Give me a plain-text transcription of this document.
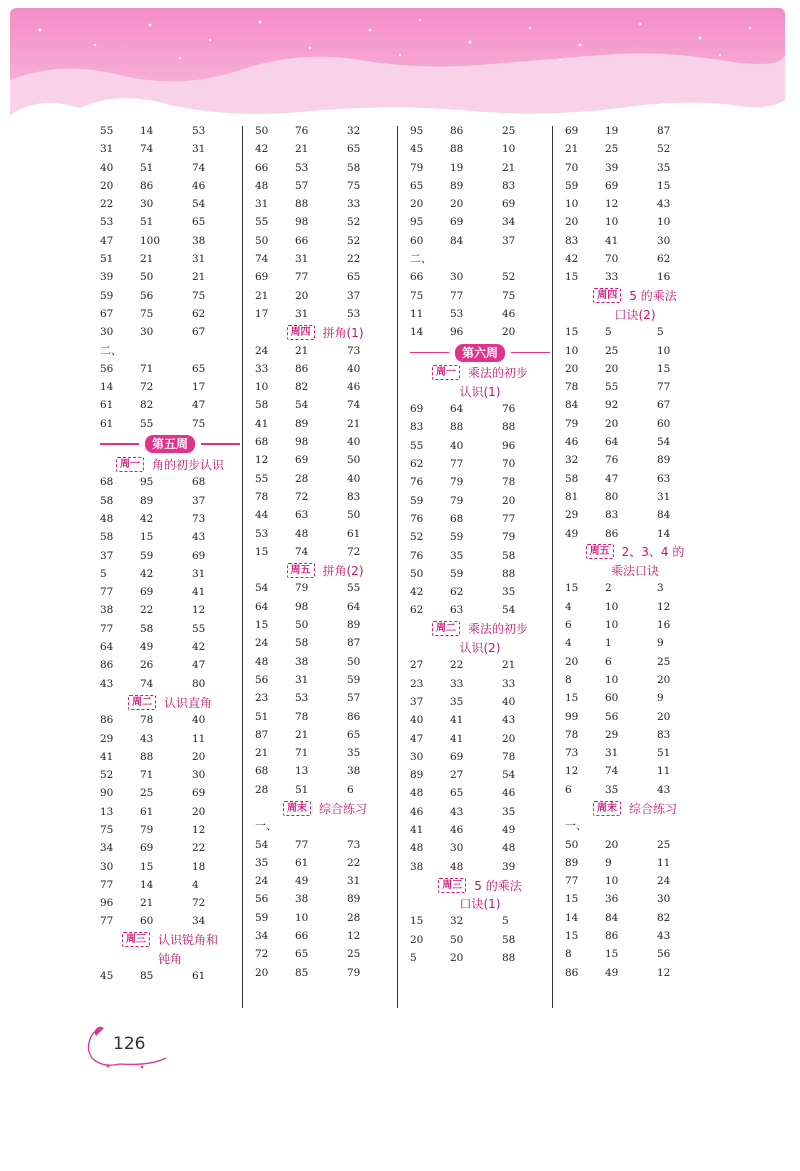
55	14	53
31	74	31
40	51	74
20	86	46
22	30	54
53	51	65
47	100	38
51	21	31
39	50	21
59	56	75
67	75	62
30	30	67
二、
56	71	65
14	72	17
61	82	47
61	55	75
第五周
周一	角的初步认识
68	95	68
58	89	37
48	42	73
58	15	43
37	59	69
5	42	31
77	69	41
38	22	12
77	58	55
64	49	42
86	26	47
43	74	80
周二	认识直角
86	78	40
29	43	11
41	88	20
52	71	30
90	25	69
13	61	20
75	79	12
34	69	22
30	15	18
77	14	4
96	21	72
77	60	34
周三	认识锐角和
钝角
45	85	61
50	76	32
42	21	65
66	53	58
48	57	75
31	88	33
55	98	52
50	66	52
74	31	22
69	77	65
21	20	37
17	31	53
周四	拼角(1)
24	21	73
33	86	40
10	82	46
58	54	74
41	89	21
68	98	40
12	69	50
55	28	40
78	72	83
44	63	50
53	48	61
15	74	72
周五	拼角(2)
54	79	55
64	98	64
15	50	89
24	58	87
48	38	50
56	31	59
23	53	57
51	78	86
87	21	65
21	71	35
68	13	38
28	51	6
周末	综合练习
一、
54	77	73
35	61	22
24	49	31
56	38	89
59	10	28
34	66	12
72	65	25
20	85	79
95	86	25
45	88	10
79	19	21
65	89	83
20	20	69
95	69	34
60	84	37
二、
66	30	52
75	77	75
11	53	46
14	96	20
第六周
周一	乘法的初步
认识(1)
69	64	76
83	88	88
55	40	96
62	77	70
76	79	78
59	79	20
76	68	77
52	59	79
76	35	58
50	59	88
42	62	35
62	63	54
周二	乘法的初步
认识(2)
27	22	21
23	33	33
37	35	40
40	41	43
47	41	20
30	69	78
89	27	54
48	65	46
46	43	35
41	46	49
48	30	48
38	48	39
周三	5 的乘法
口诀(1)
15	32	5
20	50	58
5	20	88
69	19	87
21	25	52
70	39	35
59	69	15
10	12	43
20	10	10
83	41	30
42	70	62
15	33	16
周四	5 的乘法
口诀(2)
15	5	5
10	25	10
20	20	15
78	55	77
84	92	67
79	20	60
46	64	54
32	76	89
58	47	63
81	80	31
29	83	84
49	86	14
周五	2、3、4 的
乘法口诀
15	2	3
4	10	12
6	10	16
4	1	9
20	6	25
8	10	20
15	60	9
99	56	20
78	29	83
73	31	51
12	74	11
6	35	43
周末	综合练习
一、
50	20	25
89	9	11
77	10	24
15	36	30
14	84	82
15	86	43
8	15	56
86	49	12
126
